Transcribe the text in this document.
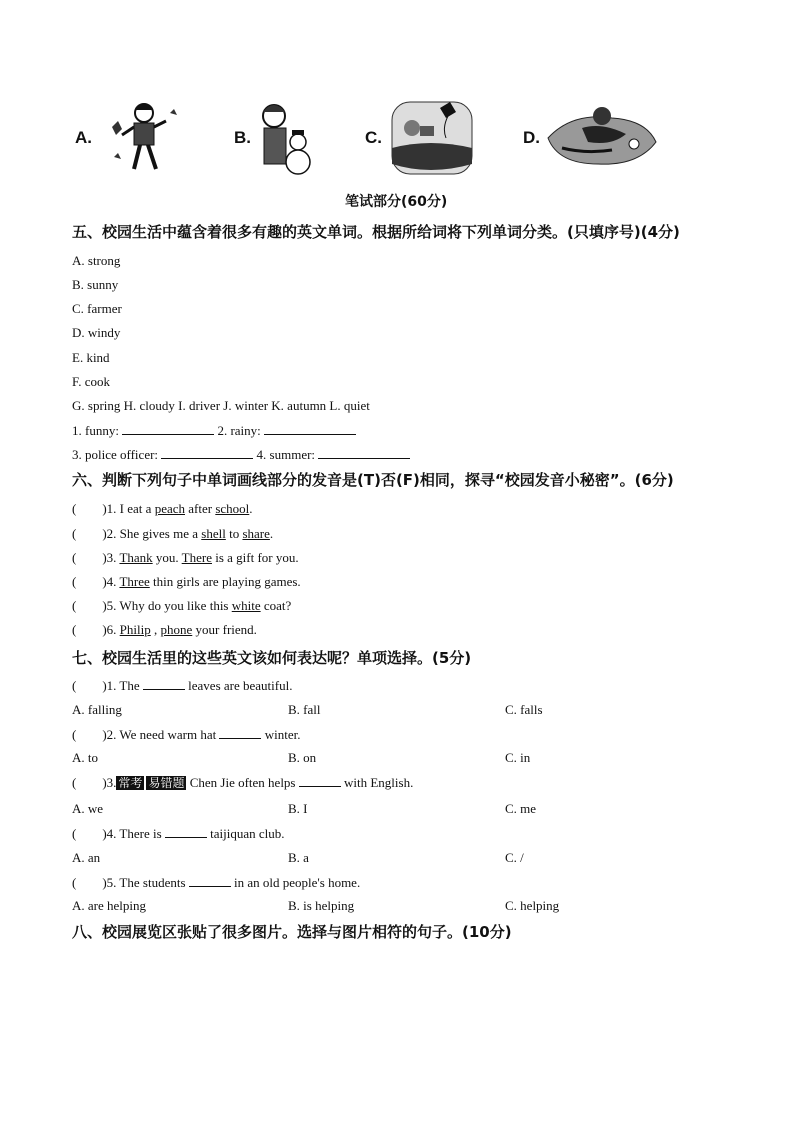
A.	B.	C.	D.
笔试部分(60分)
五、校园生活中蕴含着很多有趣的英文单词。根据所给词将下列单词分类。(只填序号)(4分)
A. strong
B. sunny
C. farmer
D. windy
E. kind
F. cook
G. spring H. cloudy I. driver J. winter K. autumn L. quiet
1. funny:	2. rainy:
3. police officer:	4. summer:
六、判断下列句子中单词画线部分的发音是(T)否(F)相同，探寻“校园发音小秘密”。(6分)
(　　)1. I eat a peach after school.
(　　)2. She gives me a shell to share.
(　　)3. Thank you. There is a gift for you.
(　　)4. Three thin girls are playing games.
(　　)5. Why do you like this white coat?
(　　)6. Philip , phone your friend.
七、校园生活里的这些英文该如何表达呢？单项选择。(5分)
(　　)1. The	leaves are beautiful.
A. falling	B. fall	C. falls
(　　)2. We need warm hat	winter.
A. to	B. on	C. in
(　　)3. 常考 易错题 Chen Jie often helps	with English.
A. we	B. I	C. me
(　　)4. There is	taijiquan club.
A. an	B. a	C. /
(　　)5. The students	in an old people's home.
A. are helping	B. is helping	C. helping
八、校园展览区张贴了很多图片。选择与图片相符的句子。(10分)
